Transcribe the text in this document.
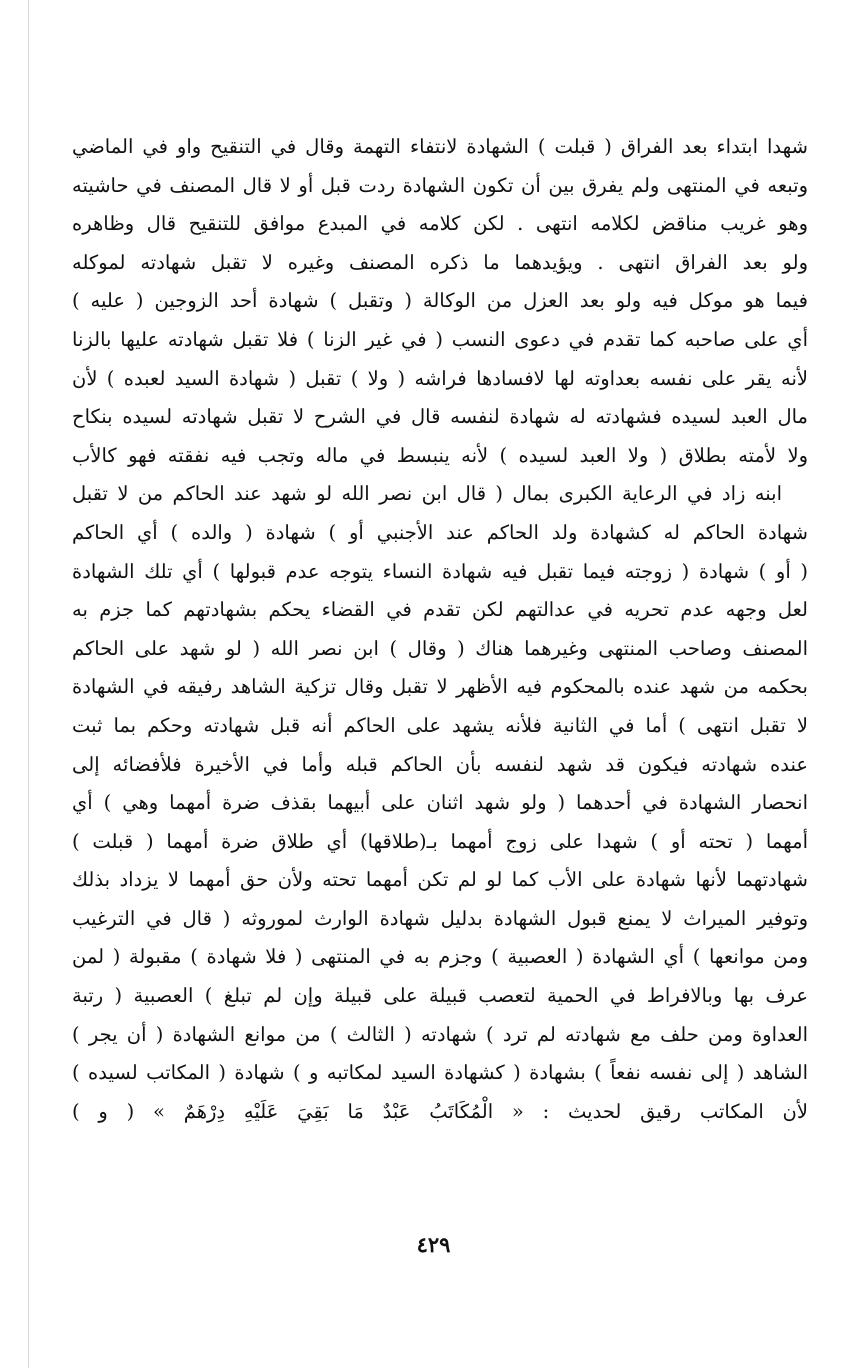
شهدا ابتداء بعد الفراق ( قبلت ) الشهادة لانتفاء التهمة وقال في التنقيح واو في الماضي
وتبعه في المنتهى ولم يفرق بين أن تكون الشهادة ردت قبل أو لا قال المصنف في حاشيته
وهو غريب مناقض لكلامه انتهى . لكن كلامه في المبدع موافق للتنقيح قال وظاهره
ولو بعد الفراق انتهى . ويؤيدهما ما ذكره المصنف وغيره لا تقبل شهادته لموكله
فيما هو موكل فيه ولو بعد العزل من الوكالة ( وتقبل ) شهادة أحد الزوجين ( عليه )
أي على صاحبه كما تقدم في دعوى النسب ( في غير الزنا ) فلا تقبل شهادته عليها بالزنا
لأنه يقر على نفسه بعداوته لها لافسادها فراشه ( ولا ) تقبل ( شهادة السيد لعبده ) لأن
مال العبد لسيده فشهادته له شهادة لنفسه قال في الشرح لا تقبل شهادته لسيده بنكاح
ولا لأمته بطلاق ( ولا العبد لسيده ) لأنه ينبسط في ماله وتجب فيه نفقته فهو كالأب
ابنه زاد في الرعاية الكبرى بمال ( قال ابن نصر الله لو شهد عند الحاكم من لا تقبل
شهادة الحاكم له كشهادة ولد الحاكم عند الأجنبي أو ) شهادة ( والده ) أي الحاكم
( أو ) شهادة ( زوجته فيما تقبل فيه شهادة النساء يتوجه عدم قبولها ) أي تلك الشهادة
لعل وجهه عدم تحريه في عدالتهم لكن تقدم في القضاء يحكم بشهادتهم كما جزم به
المصنف وصاحب المنتهى وغيرهما هناك ( وقال ) ابن نصر الله ( لو شهد على الحاكم
بحكمه من شهد عنده بالمحكوم فيه الأظهر لا تقبل وقال تزكية الشاهد رفيقه في الشهادة
لا تقبل انتهى ) أما في الثانية فلأنه يشهد على الحاكم أنه قبل شهادته وحكم بما ثبت
عنده شهادته فيكون قد شهد لنفسه بأن الحاكم قبله وأما في الأخيرة فلأفضائه إلى
انحصار الشهادة في أحدهما ( ولو شهد اثنان على أبيهما بقذف ضرة أمهما وهي ) أي
أمهما ( تحته أو ) شهدا على زوج أمهما بـ(طلاقها) أي طلاق ضرة أمهما ( قبلت )
شهادتهما لأنها شهادة على الأب كما لو لم تكن أمهما تحته ولأن حق أمهما لا يزداد بذلك
وتوفير الميراث لا يمنع قبول الشهادة بدليل شهادة الوارث لموروثه ( قال في الترغيب
ومن موانعها ) أي الشهادة ( العصبية ) وجزم به في المنتهى ( فلا شهادة ) مقبولة ( لمن
عرف بها وبالافراط في الحمية لتعصب قبيلة على قبيلة وإن لم تبلغ ) العصبية ( رتبة
العداوة ومن حلف مع شهادته لم ترد ) شهادته ( الثالث ) من موانع الشهادة ( أن يجر )
الشاهد ( إلى نفسه نفعاً ) بشهادة ( كشهادة السيد لمكاتبه و ) شهادة ( المكاتب لسيده )
لأن المكاتب رقيق لحديث : « الْمُكَاتَبُ عَبْدٌ مَا بَقِيَ عَلَيْهِ دِرْهَمٌ » ( و )
٤٢٩
